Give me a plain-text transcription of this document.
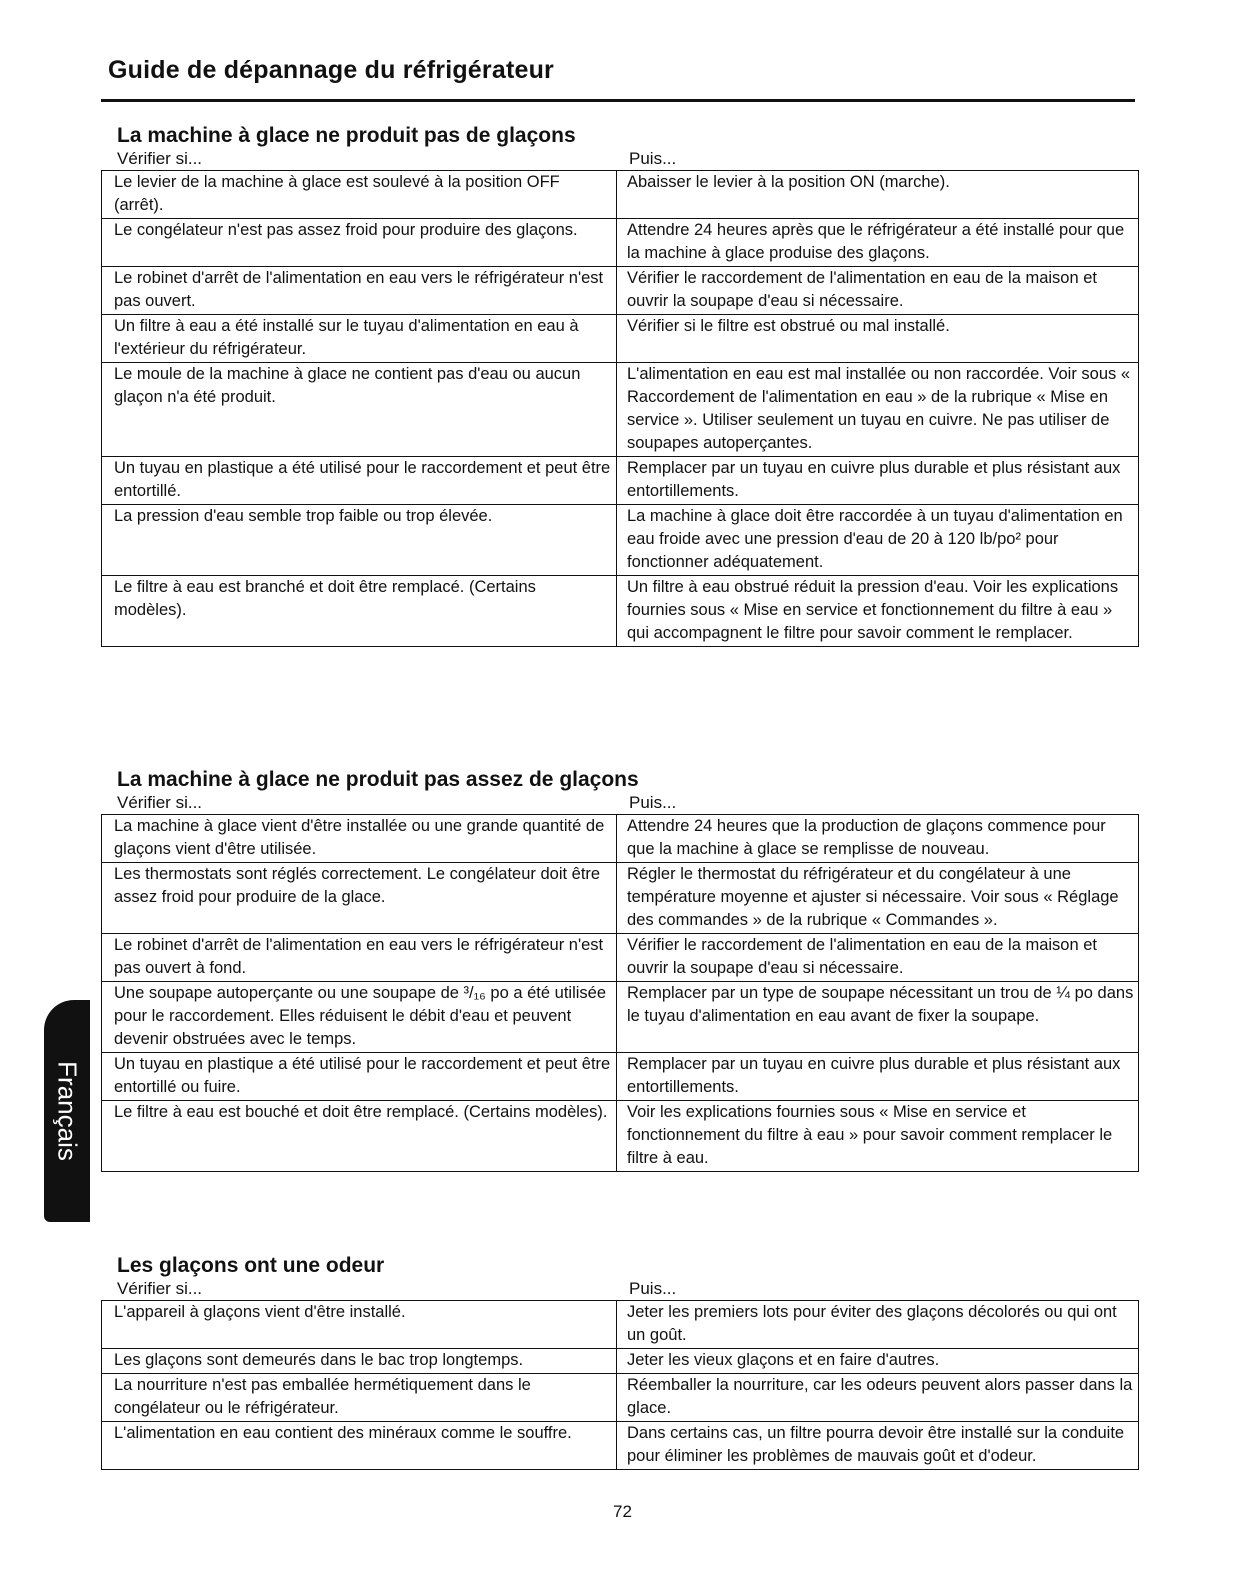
Guide de dépannage du réfrigérateur
Français
La machine à glace ne produit pas de glaçons
Vérifier si...	Puis...
Le levier de la machine à glace est soulevé à la position OFF (arrêt).	Abaisser le levier à la position ON (marche).
Le congélateur n'est pas assez froid pour produire des glaçons.	Attendre 24 heures après que le réfrigérateur a été installé pour que la machine à glace produise des glaçons.
Le robinet d'arrêt de l'alimentation en eau vers le réfrigérateur n'est pas ouvert.	Vérifier le raccordement de l'alimentation en eau de la maison et ouvrir la soupape d'eau si nécessaire.
Un filtre à eau a été installé sur le tuyau d'alimentation en eau à l'extérieur du réfrigérateur.	Vérifier si le filtre est obstrué ou mal installé.
Le moule de la machine à glace ne contient pas d'eau ou aucun glaçon n'a été produit.	L'alimentation en eau est mal installée ou non raccordée. Voir sous « Raccordement de l'alimentation en eau » de la rubrique « Mise en service ». Utiliser seulement un tuyau en cuivre. Ne pas utiliser de soupapes autoperçantes.
Un tuyau en plastique a été utilisé pour le raccordement et peut être entortillé.	Remplacer par un tuyau en cuivre plus durable et plus résistant aux entortillements.
La pression d'eau semble trop faible ou trop élevée.	La machine à glace doit être raccordée à un tuyau d'alimentation en eau froide avec une pression d'eau de 20 à 120 lb/po² pour fonctionner adéquatement.
Le filtre à eau est branché et doit être remplacé. (Certains modèles).	Un filtre à eau obstrué réduit la pression d'eau. Voir les explications fournies sous « Mise en service et fonctionnement du filtre à eau » qui accompagnent le filtre pour savoir comment le remplacer.
La machine à glace ne produit pas assez de glaçons
Vérifier si...	Puis...
La machine à glace vient d'être installée ou une grande quantité de glaçons vient d'être utilisée.	Attendre 24 heures que la production de glaçons commence pour que la machine à glace se remplisse de nouveau.
Les thermostats sont réglés correctement. Le congélateur doit être assez froid pour produire de la glace.	Régler le thermostat du réfrigérateur et du congélateur à une température moyenne et ajuster si nécessaire. Voir sous « Réglage des commandes » de la rubrique « Commandes ».
Le robinet d'arrêt de l'alimentation en eau vers le réfrigérateur n'est pas ouvert à fond.	Vérifier le raccordement de l'alimentation en eau de la maison et ouvrir la soupape d'eau si nécessaire.
Une soupape autoperçante ou une soupape de ³/₁₆ po a été utilisée pour le raccordement. Elles réduisent le débit d'eau et peuvent devenir obstruées avec le temps.	Remplacer par un type de soupape nécessitant un trou de ¼ po dans le tuyau d'alimentation en eau avant de fixer la soupape.
Un tuyau en plastique a été utilisé pour le raccordement et peut être entortillé ou fuire.	Remplacer par un tuyau en cuivre plus durable et plus résistant aux entortillements.
Le filtre à eau est bouché et doit être remplacé. (Certains modèles).	Voir les explications fournies sous « Mise en service et fonctionnement du filtre à eau » pour savoir comment remplacer le filtre à eau.
Les glaçons ont une odeur
Vérifier si...	Puis...
L'appareil à glaçons vient d'être installé.	Jeter les premiers lots pour éviter des glaçons décolorés ou qui ont un goût.
Les glaçons sont demeurés dans le bac trop longtemps.	Jeter les vieux glaçons et en faire d'autres.
La nourriture n'est pas emballée hermétiquement dans le congélateur ou le réfrigérateur.	Réemballer la nourriture, car les odeurs peuvent alors passer dans la glace.
L'alimentation en eau contient des minéraux comme le souffre.	Dans certains cas, un filtre pourra devoir être installé sur la conduite pour éliminer les problèmes de mauvais goût et d'odeur.
72
